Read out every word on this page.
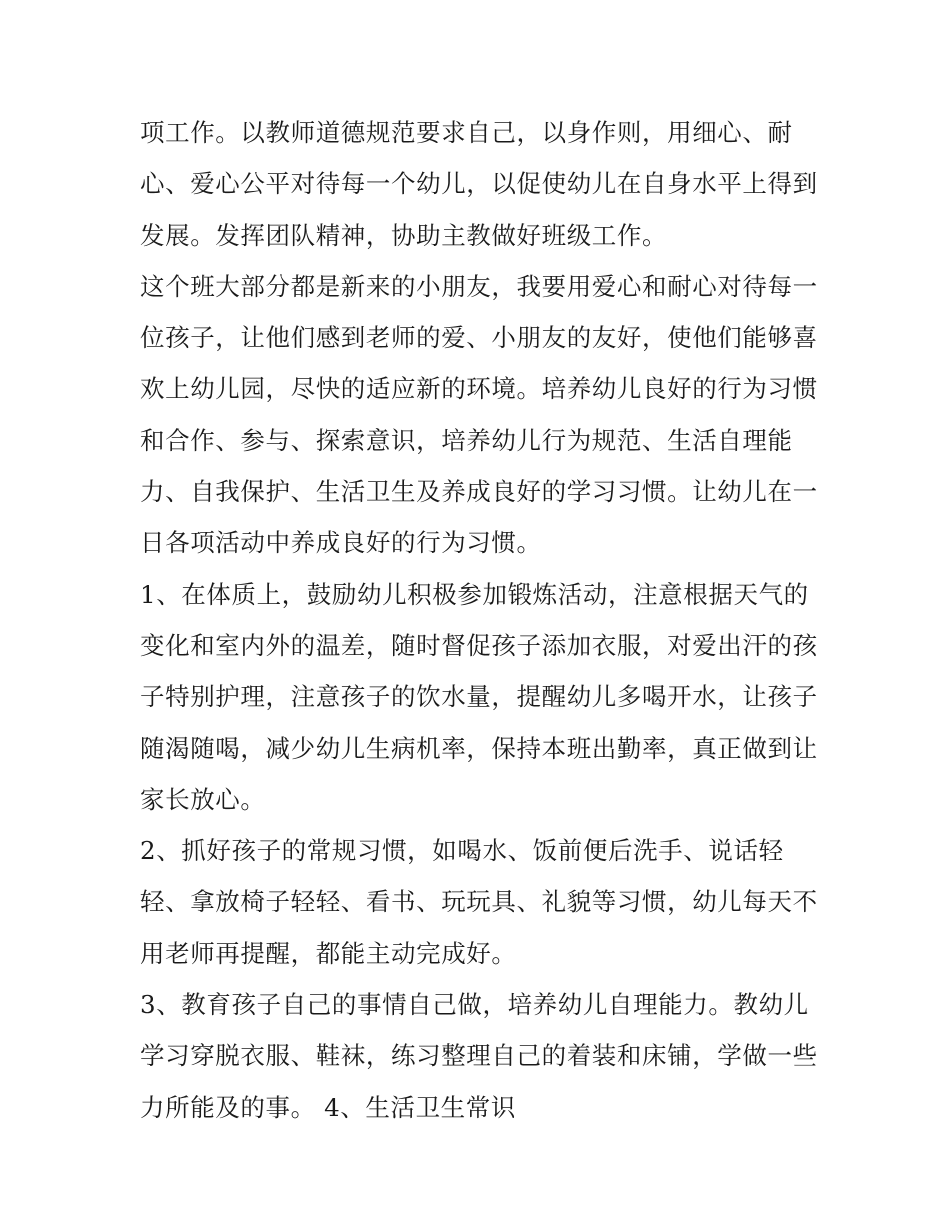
项工作。以教师道德规范要求自己，以身作则，用细心、耐
心、爱心公平对待每一个幼儿，以促使幼儿在自身水平上得到
发展。发挥团队精神，协助主教做好班级工作。
这个班大部分都是新来的小朋友，我要用爱心和耐心对待每一
位孩子，让他们感到老师的爱、小朋友的友好，使他们能够喜
欢上幼儿园，尽快的适应新的环境。培养幼儿良好的行为习惯
和合作、参与、探索意识，培养幼儿行为规范、生活自理能
力、自我保护、生活卫生及养成良好的学习习惯。让幼儿在一
日各项活动中养成良好的行为习惯。
1、在体质上，鼓励幼儿积极参加锻炼活动，注意根据天气的
变化和室内外的温差，随时督促孩子添加衣服，对爱出汗的孩
子特别护理，注意孩子的饮水量，提醒幼儿多喝开水，让孩子
随渴随喝，减少幼儿生病机率，保持本班出勤率，真正做到让
家长放心。
2、抓好孩子的常规习惯，如喝水、饭前便后洗手、说话轻
轻、拿放椅子轻轻、看书、玩玩具、礼貌等习惯，幼儿每天不
用老师再提醒，都能主动完成好。
3、教育孩子自己的事情自己做，培养幼儿自理能力。教幼儿
学习穿脱衣服、鞋袜，练习整理自己的着装和床铺，学做一些
力所能及的事。 4、生活卫生常识
